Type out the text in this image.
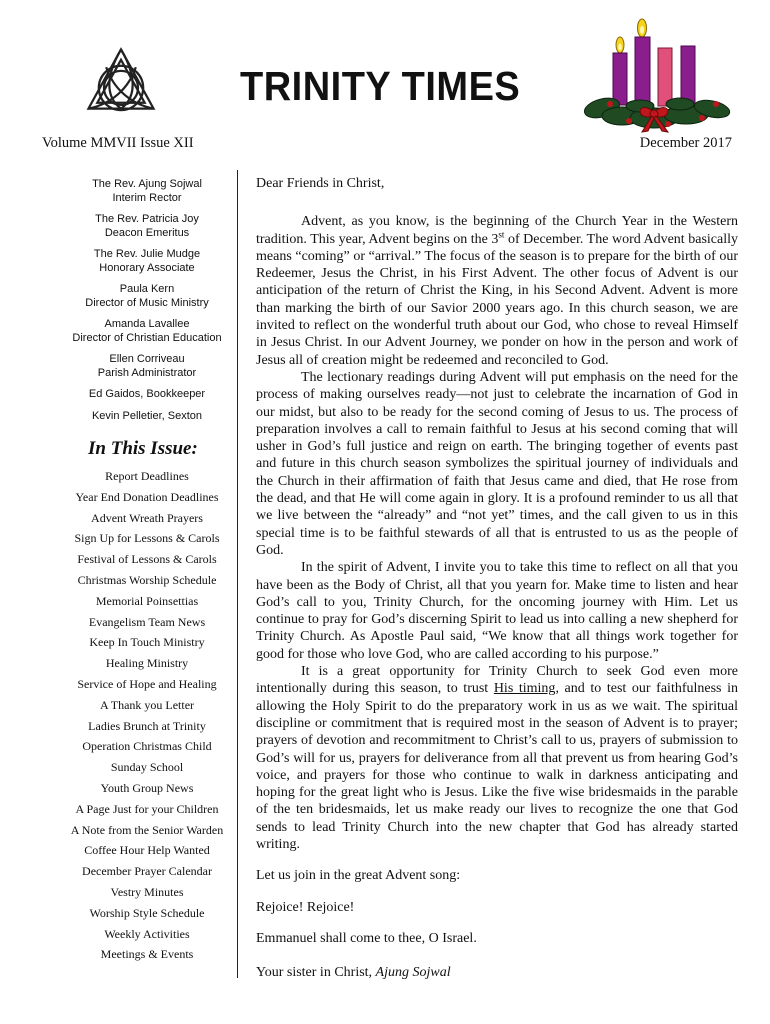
TRINITY TIMES
Volume MMVII Issue XII	December 2017
The Rev. Ajung Sojwal
Interim Rector
The Rev. Patricia Joy
Deacon Emeritus
The Rev. Julie Mudge
Honorary Associate
Paula Kern
Director of Music Ministry
Amanda Lavallee
Director of Christian Education
Ellen Corriveau
Parish Administrator
Ed Gaidos, Bookkeeper
Kevin Pelletier, Sexton
In This Issue:
Report Deadlines
Year End Donation Deadlines
Advent Wreath Prayers
Sign Up for Lessons & Carols
Festival of Lessons & Carols
Christmas Worship Schedule
Memorial Poinsettias
Evangelism Team News
Keep In Touch Ministry
Healing Ministry
Service of Hope and Healing
A Thank you Letter
Ladies Brunch at Trinity
Operation Christmas Child
Sunday School
Youth Group News
A Page Just for your Children
A Note from the Senior Warden
Coffee Hour Help Wanted
December Prayer Calendar
Vestry Minutes
Worship Style Schedule
Weekly Activities
Meetings & Events

Dear Friends in Christ,

Advent, as you know, is the beginning of the Church Year in the Western tradition. This year, Advent begins on the 3st of December. The word Advent basically means “coming” or “arrival.” The focus of the season is to prepare for the birth of our Redeemer, Jesus the Christ, in his First Advent. The other focus of Advent is our anticipation of the return of Christ the King, in his Second Advent. Advent is more than marking the birth of our Savior 2000 years ago. In this church season, we are invited to reflect on the wonderful truth about our God, who chose to reveal Himself in Jesus Christ. In our Advent Journey, we ponder on how in the person and work of Jesus all of creation might be redeemed and reconciled to God.

The lectionary readings during Advent will put emphasis on the need for the process of making ourselves ready—not just to celebrate the incarnation of God in our midst, but also to be ready for the second coming of Jesus to us. The process of preparation involves a call to remain faithful to Jesus at his second coming that will usher in God’s full justice and reign on earth. The bringing together of events past and future in this church season symbolizes the spiritual journey of individuals and the Church in their affirmation of faith that Jesus came and died, that He rose from the dead, and that He will come again in glory. It is a profound reminder to us all that we live between the “already” and “not yet” times, and the call given to us in this special time is to be faithful stewards of all that is entrusted to us as the people of God.

In the spirit of Advent, I invite you to take this time to reflect on all that you have been as the Body of Christ, all that you yearn for. Make time to listen and hear God’s call to you, Trinity Church, for the oncoming journey with Him. Let us continue to pray for God’s discerning Spirit to lead us into calling a new shepherd for Trinity Church. As Apostle Paul said, “We know that all things work together for good for those who love God, who are called according to his purpose.”

It is a great opportunity for Trinity Church to seek God even more intentionally during this season, to trust His timing, and to test our faithfulness in allowing the Holy Spirit to do the preparatory work in us as we wait. The spiritual discipline or commitment that is required most in the season of Advent is to prayer; prayers of devotion and recommitment to Christ’s call to us, prayers of submission to God’s will for us, prayers for deliverance from all that prevent us from hearing God’s voice, and prayers for those who continue to walk in darkness anticipating and hoping for the great light who is Jesus. Like the five wise bridesmaids in the parable of the ten bridesmaids, let us make ready our lives to recognize the one that God sends to lead Trinity Church into the new chapter that God has already started writing.

Let us join in the great Advent song:

Rejoice! Rejoice!

Emmanuel shall come to thee, O Israel.

Your sister in Christ, Ajung Sojwal
